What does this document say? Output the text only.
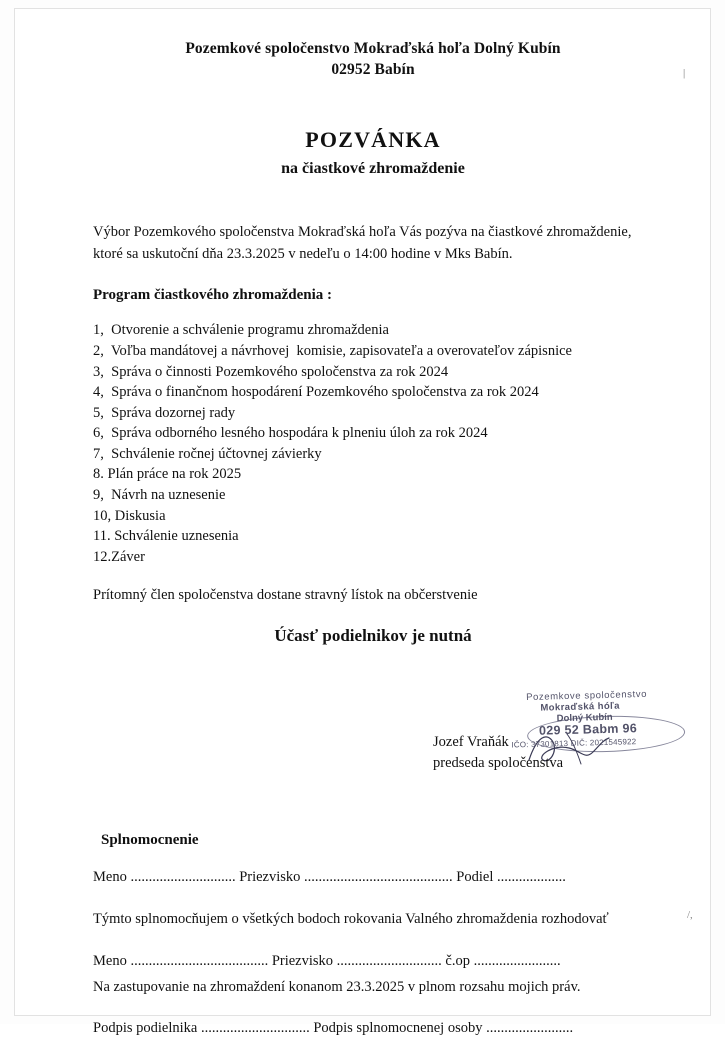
Pozemkové spoločenstvo Mokraďská hoľa Dolný Kubín
02952 Babín
POZVÁNKA
na čiastkové zhromaždenie
Výbor Pozemkového spoločenstva Mokraďská hoľa Vás pozýva na čiastkové zhromaždenie, ktoré sa uskutoční dňa 23.3.2025 v nedeľu o 14:00 hodine v Mks Babín.
Program čiastkového zhromaždenia :
1,  Otvorenie a schválenie programu zhromaždenia
2,  Voľba mandátovej a návrhovej  komisie, zapisovateľa a overovateľov zápisnice
3,  Správa o činnosti Pozemkového spoločenstva za rok 2024
4,  Správa o finančnom hospodárení Pozemkového spoločenstva za rok 2024
5,  Správa dozornej rady
6,  Správa odborného lesného hospodára k plneniu úloh za rok 2024
7,  Schválenie ročnej účtovnej závierky
8. Plán práce na rok 2025
9,  Návrh na uznesenie
10, Diskusia
11. Schválenie uznesenia
12.Záver
Prítomný člen spoločenstva dostane stravný lístok na občerstvenie
Účasť podielnikov je nutná
Pozemkove spoločenstvo
Mokraďská hóľa
Dolný Kubín
029 52 Babm 96
IČO: 37301813 DIČ: 2021545922
Jozef Vraňák
predseda spoločenstva
Splnomocnenie
Meno ............................. Priezvisko ......................................... Podiel ...................
Týmto splnomocňujem o všetkých bodoch rokovania Valného zhromaždenia rozhodovať
Meno ...................................... Priezvisko ............................. č.op ........................
Na zastupovanie na zhromaždení konanom 23.3.2025 v plnom rozsahu mojich práv.
Podpis podielnika .............................. Podpis splnomocnenej osoby ........................
|
/,
